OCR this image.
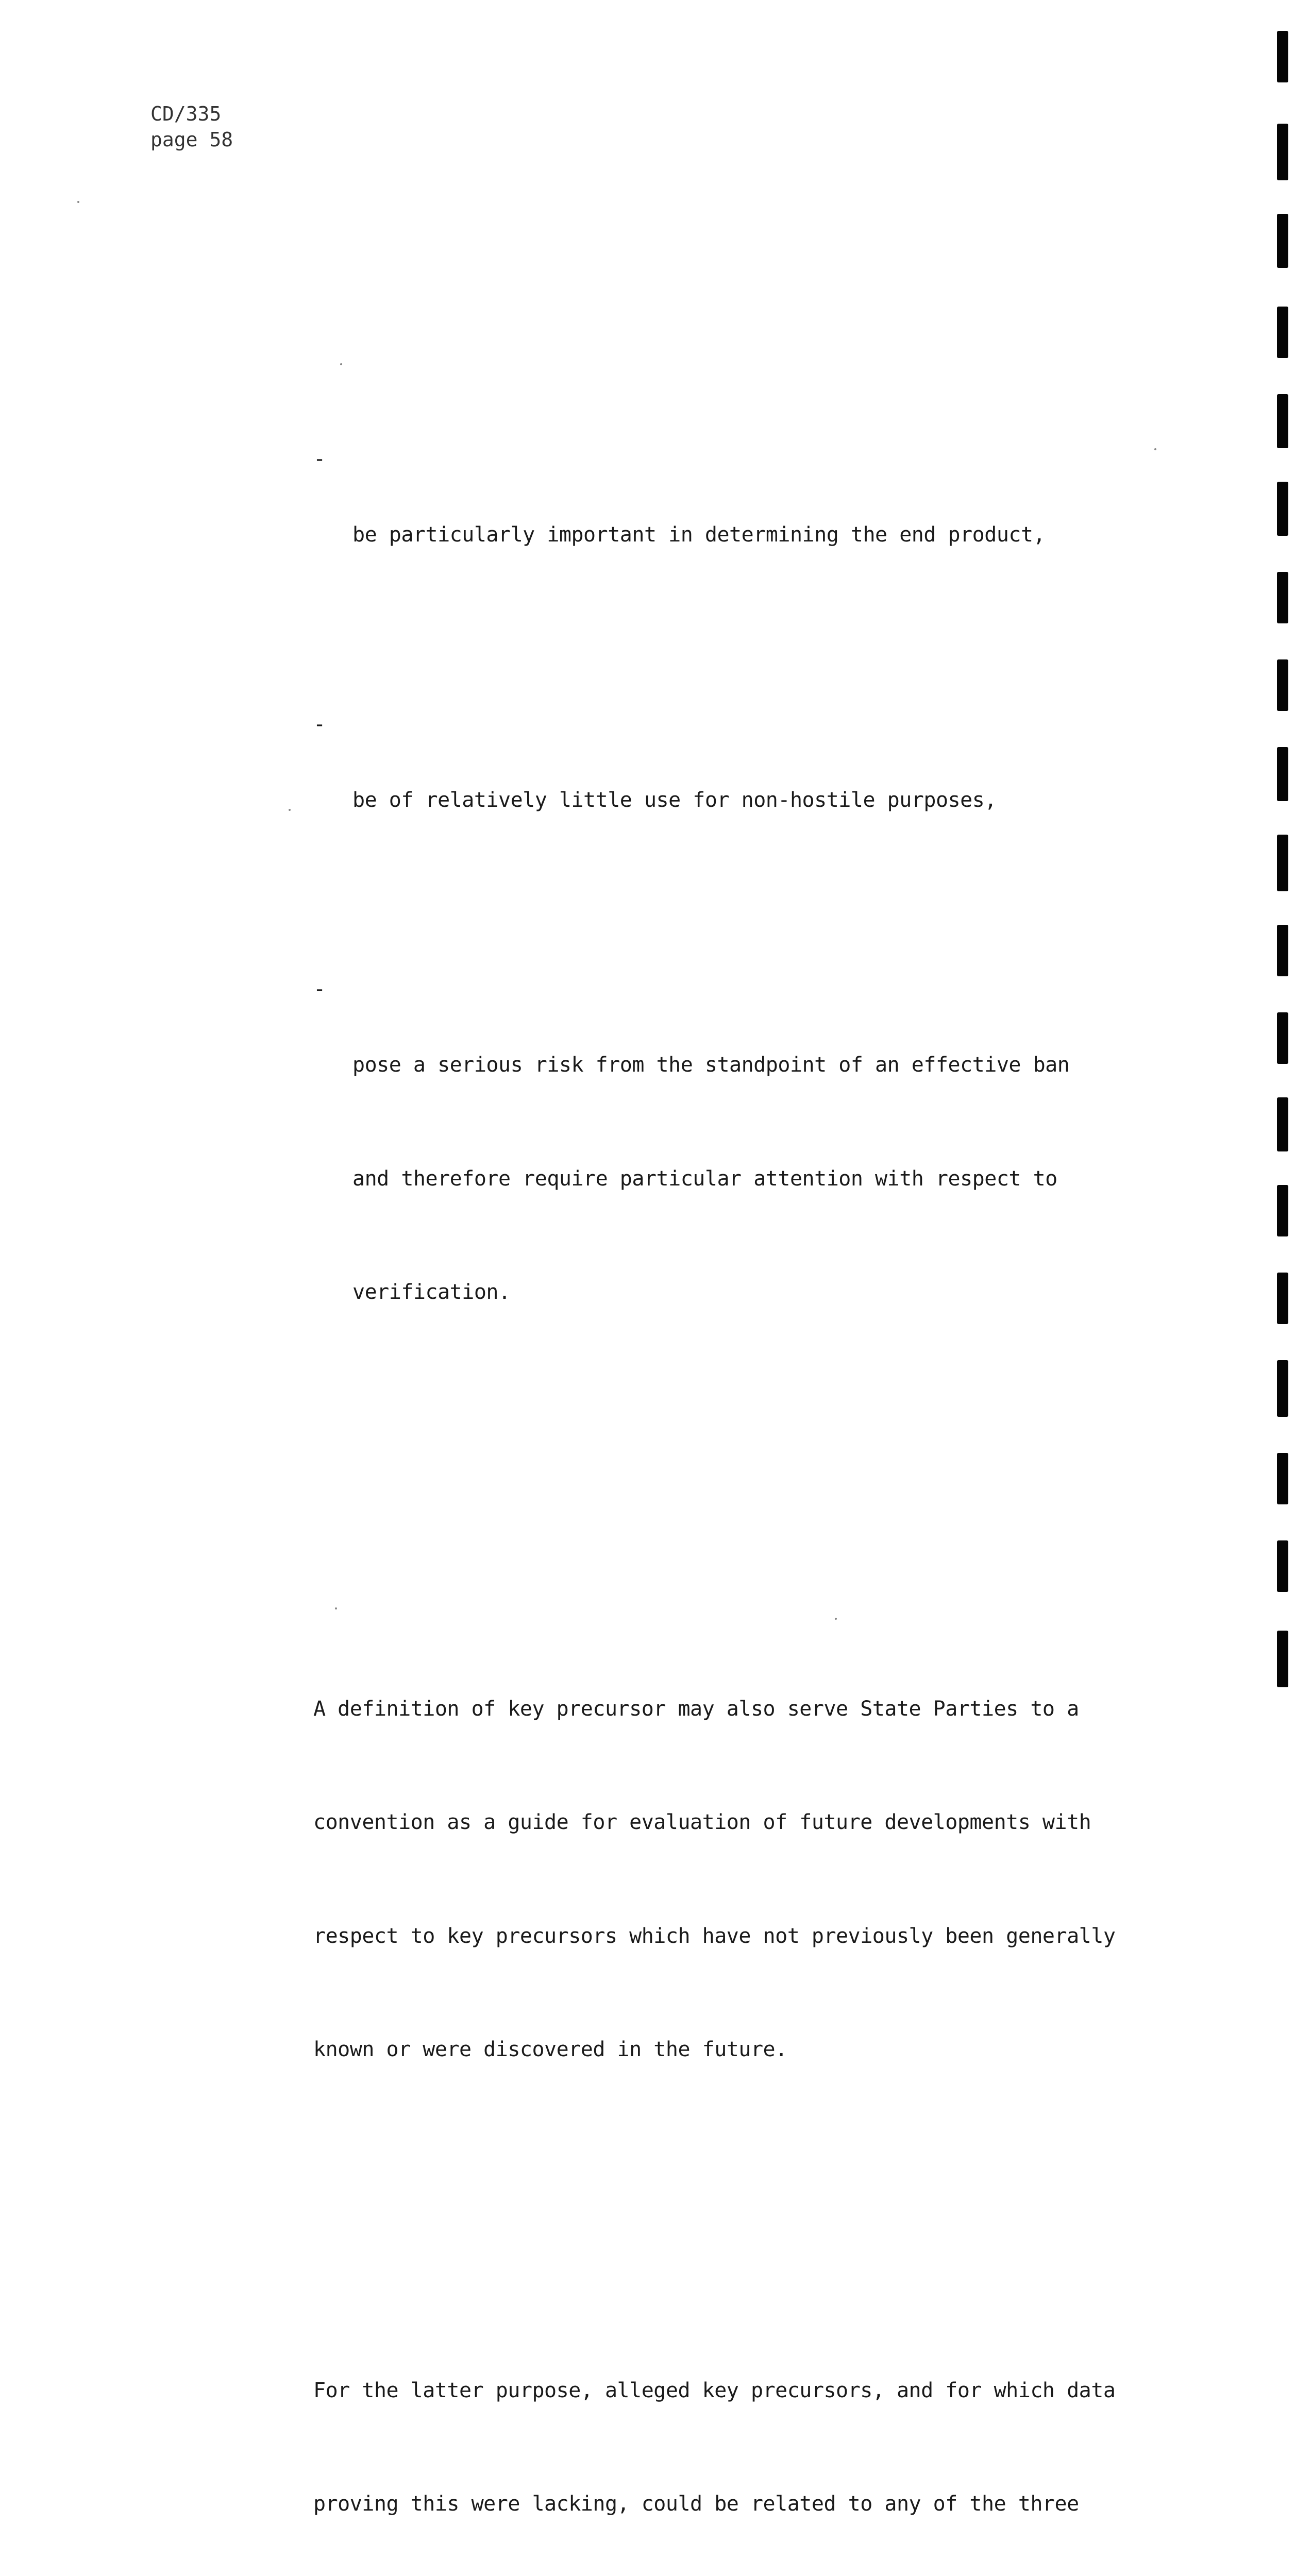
CD/335
page 58

-

be particularly important in determining the end product,

-

be of relatively little use for non-hostile purposes,

-

pose a serious risk from the standpoint of an effective ban

and therefore require particular attention with respect to

verification.

A definition of key precursor may also serve State Parties to a

convention as a guide for evaluation of future developments with

respect to key precursors which have not previously been generally

known or were discovered in the future.

For the latter purpose, alleged key precursors, and for which data

proving this were lacking, could be related to any of the three
